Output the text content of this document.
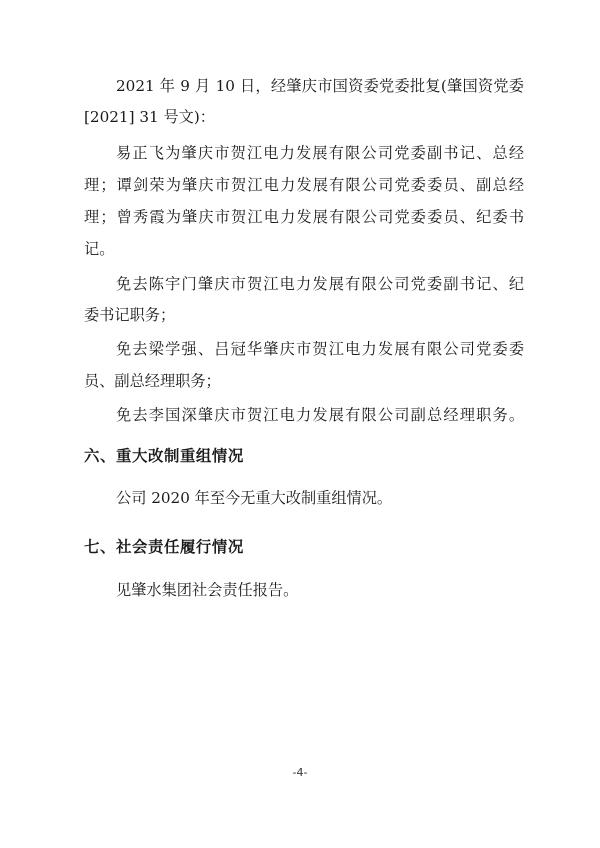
2021 年 9 月 10 日，经肇庆市国资委党委批复(肇国资党委
[2021] 31 号文)：
易正飞为肇庆市贺江电力发展有限公司党委副书记、总经
理；谭剑荣为肇庆市贺江电力发展有限公司党委委员、副总经
理；曾秀霞为肇庆市贺江电力发展有限公司党委委员、纪委书
记。
免去陈宇门肇庆市贺江电力发展有限公司党委副书记、纪
委书记职务；
免去梁学强、吕冠华肇庆市贺江电力发展有限公司党委委
员、副总经理职务；
免去李国深肇庆市贺江电力发展有限公司副总经理职务。
六、重大改制重组情况
公司 2020 年至今无重大改制重组情况。
七、社会责任履行情况
见肇水集团社会责任报告。
-4-
